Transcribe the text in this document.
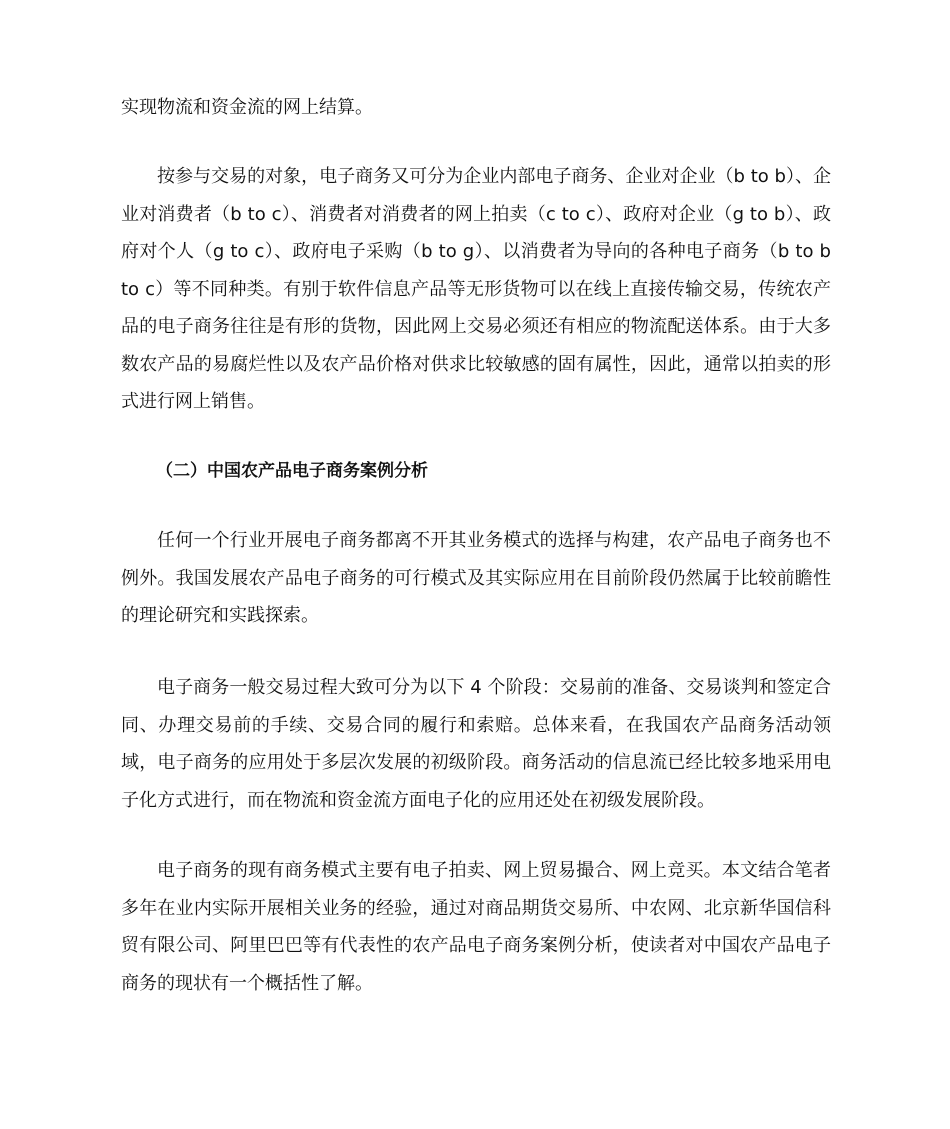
实现物流和资金流的网上结算。

按参与交易的对象，电子商务又可分为企业内部电子商务、企业对企业（b to b）、企业对消费者（b to c）、消费者对消费者的网上拍卖（c to c）、政府对企业（g to b）、政府对个人（g to c）、政府电子采购（b to g）、以消费者为导向的各种电子商务（b to b to c）等不同种类。有别于软件信息产品等无形货物可以在线上直接传输交易，传统农产品的电子商务往往是有形的货物，因此网上交易必须还有相应的物流配送体系。由于大多数农产品的易腐烂性以及农产品价格对供求比较敏感的固有属性，因此，通常以拍卖的形式进行网上销售。

（二）中国农产品电子商务案例分析

任何一个行业开展电子商务都离不开其业务模式的选择与构建，农产品电子商务也不例外。我国发展农产品电子商务的可行模式及其实际应用在目前阶段仍然属于比较前瞻性的理论研究和实践探索。

电子商务一般交易过程大致可分为以下 4 个阶段：交易前的准备、交易谈判和签定合同、办理交易前的手续、交易合同的履行和索赔。总体来看，在我国农产品商务活动领域，电子商务的应用处于多层次发展的初级阶段。商务活动的信息流已经比较多地采用电子化方式进行，而在物流和资金流方面电子化的应用还处在初级发展阶段。

电子商务的现有商务模式主要有电子拍卖、网上贸易撮合、网上竞买。本文结合笔者多年在业内实际开展相关业务的经验，通过对商品期货交易所、中农网、北京新华国信科贸有限公司、阿里巴巴等有代表性的农产品电子商务案例分析，使读者对中国农产品电子商务的现状有一个概括性了解。
